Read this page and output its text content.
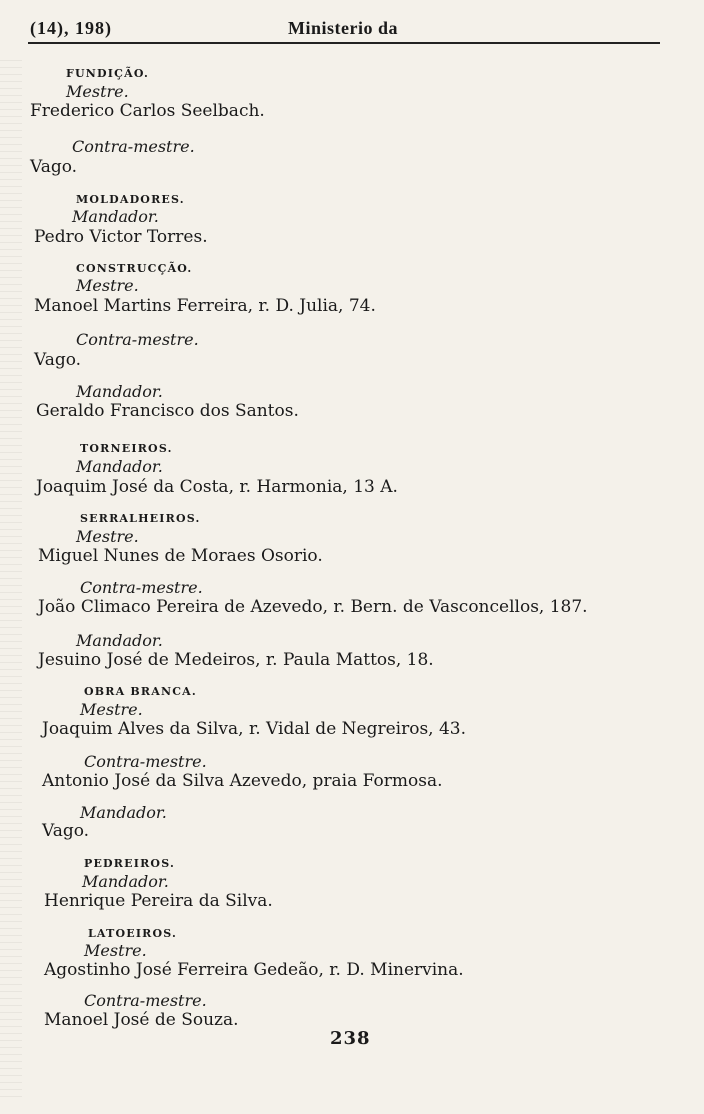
(14), 198)	Ministerio da
FUNDIÇÃO.
Mestre.
Frederico Carlos Seelbach.
Contra-mestre.
Vago.
MOLDADORES.
Mandador.
Pedro Victor Torres.
CONSTRUCÇÃO.
Mestre.
Manoel Martins Ferreira, r. D. Julia, 74.
Contra-mestre.
Vago.
Mandador.
Geraldo Francisco dos Santos.
TORNEIROS.
Mandador.
Joaquim José da Costa, r. Harmonia, 13 A.
SERRALHEIROS.
Mestre.
Miguel Nunes de Moraes Osorio.
Contra-mestre.
João Climaco Pereira de Azevedo, r. Bern. de Vasconcellos, 187.
Mandador.
Jesuino José de Medeiros, r. Paula Mattos, 18.
OBRA BRANCA.
Mestre.
Joaquim Alves da Silva, r. Vidal de Negreiros, 43.
Contra-mestre.
Antonio José da Silva Azevedo, praia Formosa.
Mandador.
Vago.
PEDREIROS.
Mandador.
Henrique Pereira da Silva.
LATOEIROS.
Mestre.
Agostinho José Ferreira Gedeão, r. D. Minervina.
Contra-mestre.
Manoel José de Souza.
238
